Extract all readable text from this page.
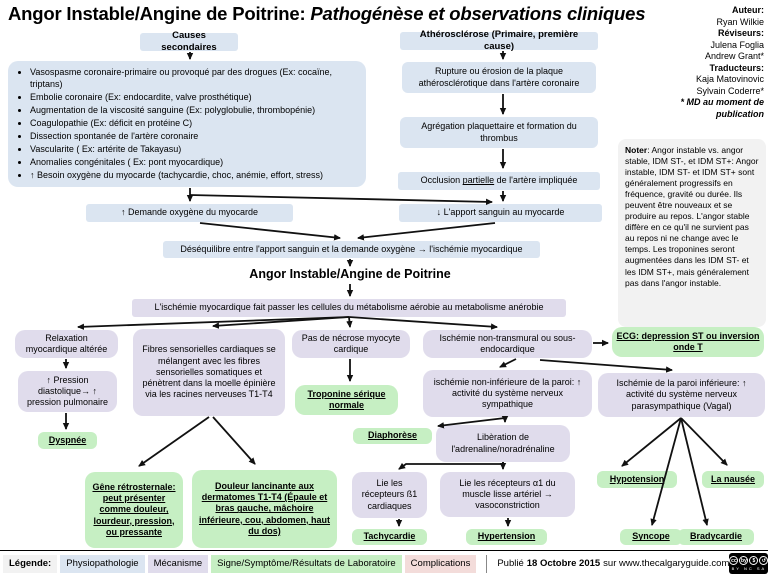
Angor Instable/Angine de Poitrine: Pathogénèse et observations cliniques	Auteur:
Ryan Wilkie
Réviseurs:
Julena Foglia
Andrew Grant*
Traducteurs:
Kaja Matovinovic
Sylvain Coderre*
* MD au moment de publication
Noter: Angor instable vs. angor stable, IDM ST-, et IDM ST+: Angor instable, IDM ST- et IDM ST+ sont généralement progressifs en fréquence, gravité ou durée. Ils peuvent être nouveaux et se produire au repos. L'angor stable diffère en ce qu'il ne survient pas au repos ni ne change avec le temps. Les troponines seront augmentées dans les IDM ST- et les IDM ST+, mais généralement pas dans l'angor instable.
Causes secondaires
• Vasospasme coronaire-primaire ou provoqué par des drogues (Ex: cocaïne, triptans)
• Embolie coronaire (Ex: endocardite, valve prosthétique)
• Augmentation de la viscosité sanguine (Ex: polyglobulie, thrombopénie)
• Coagulopathie (Ex: déficit en protéine C)
• Dissection spontanée de l'artère coronaire
• Vascularite ( Ex: artérite de Takayasu)
• Anomalies congénitales ( Ex: pont myocardique)
• ↑ Besoin oxygène du myocarde (tachycardie, choc, anémie, effort, stress)
Athérosclérose (Primaire, première cause)
Rupture ou érosion de la plaque athérosclérotique dans l'artère coronaire
Agrégation plaquettaire et formation du thrombus
Occlusion partielle de l'artère impliquée
↑ Demande oxygène du myocarde	↓ L'apport sanguin au myocarde
Déséquilibre entre l'apport sanguin et la demande oxygène → l'ischémie myocardique
Angor Instable/Angine de Poitrine
L'ischémie myocardique fait passer les cellules du métabolisme aérobie au metabolisme anérobie
Relaxation myocardique altérée	Fibres sensorielles cardiaques se mélangent avec les fibres sensorielles somatiques et pénètrent dans la moelle épinière via les racines nerveuses T1-T4
Pas de nécrose myocyte cardique
Ischémie non-transmural ou sous-endocardique
ECG: depression ST ou inversion onde T
↑ Pression diastolique→ ↑ pression pulmonaire
Dyspnée
Troponine sérique normale
ischémie non-inférieure de la paroi: ↑ activité du système nerveux sympathique
Ischémie de la paroi inférieure: ↑ activité du système nerveux parasympathique (Vagal)
Diaphorèse	Libèration de l'adrenaline/noradrénaline
Gêne rétrosternale: peut présenter comme douleur, lourdeur, pression, ou pressante
Douleur lancinante aux dermatomes T1-T4 (Épaule et bras gauche, mâchoire inférieure, cou, abdomen, haut du dos)
Lie les récepteurs ß1 cardiaques
Lie les récepteurs α1 du muscle lisse artériel → vasoconstriction
Tachycardie	Hypertension
Hypotension	La nausée
Syncope	Bradycardie
Légende:	Physiopathologie	Mécanisme	Signe/Symptôme/Résultats de Laboratoire	Complications	Publié 18 Octobre 2015 sur www.thecalgaryguide.com cc by	$	↺
BY NC SA
